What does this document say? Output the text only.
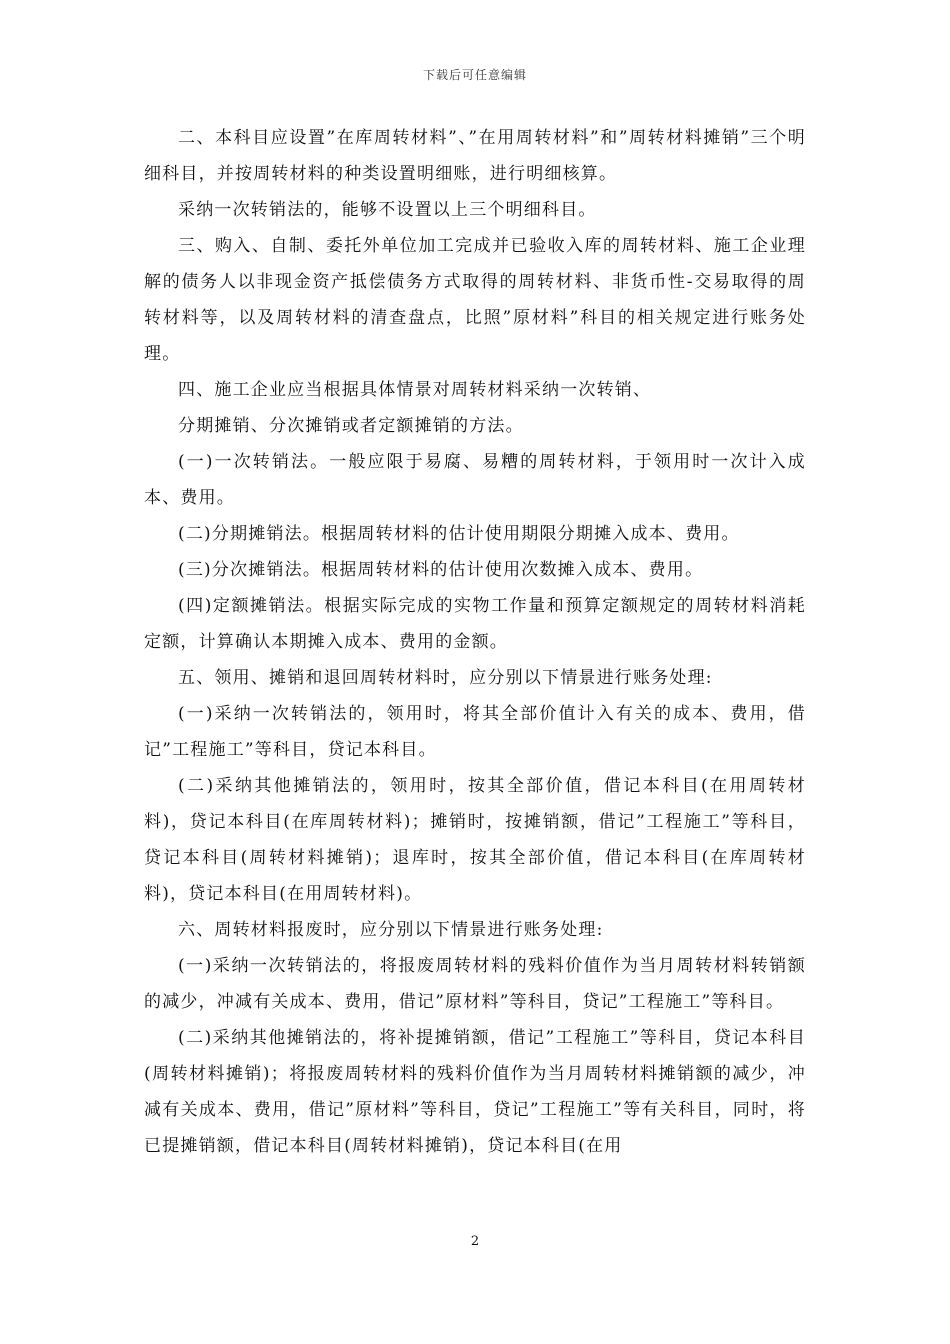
下载后可任意编辑

二、本科目应设置”在库周转材料”、”在用周转材料”和”周转材料摊销”三个明细科目，并按周转材料的种类设置明细账，进行明细核算。

采纳一次转销法的，能够不设置以上三个明细科目。

三、购入、自制、委托外单位加工完成并已验收入库的周转材料、施工企业理解的债务人以非现金资产抵偿债务方式取得的周转材料、非货币性-交易取得的周转材料等，以及周转材料的清查盘点，比照”原材料”科目的相关规定进行账务处理。

四、施工企业应当根据具体情景对周转材料采纳一次转销、

分期摊销、分次摊销或者定额摊销的方法。

(一)一次转销法。一般应限于易腐、易糟的周转材料，于领用时一次计入成本、费用。

(二)分期摊销法。根据周转材料的估计使用期限分期摊入成本、费用。

(三)分次摊销法。根据周转材料的估计使用次数摊入成本、费用。

(四)定额摊销法。根据实际完成的实物工作量和预算定额规定的周转材料消耗定额，计算确认本期摊入成本、费用的金额。

五、领用、摊销和退回周转材料时，应分别以下情景进行账务处理:

(一)采纳一次转销法的，领用时，将其全部价值计入有关的成本、费用，借记”工程施工”等科目，贷记本科目。

(二)采纳其他摊销法的，领用时，按其全部价值，借记本科目(在用周转材料)，贷记本科目(在库周转材料)；摊销时，按摊销额，借记”工程施工”等科目，贷记本科目(周转材料摊销)；退库时，按其全部价值，借记本科目(在库周转材料)，贷记本科目(在用周转材料)。

六、周转材料报废时，应分别以下情景进行账务处理:

(一)采纳一次转销法的，将报废周转材料的残料价值作为当月周转材料转销额的减少，冲减有关成本、费用，借记”原材料”等科目，贷记”工程施工”等科目。

(二)采纳其他摊销法的，将补提摊销额，借记”工程施工”等科目，贷记本科目(周转材料摊销)；将报废周转材料的残料价值作为当月周转材料摊销额的减少，冲减有关成本、费用，借记”原材料”等科目，贷记”工程施工”等有关科目，同时，将已提摊销额，借记本科目(周转材料摊销)，贷记本科目(在用

2
